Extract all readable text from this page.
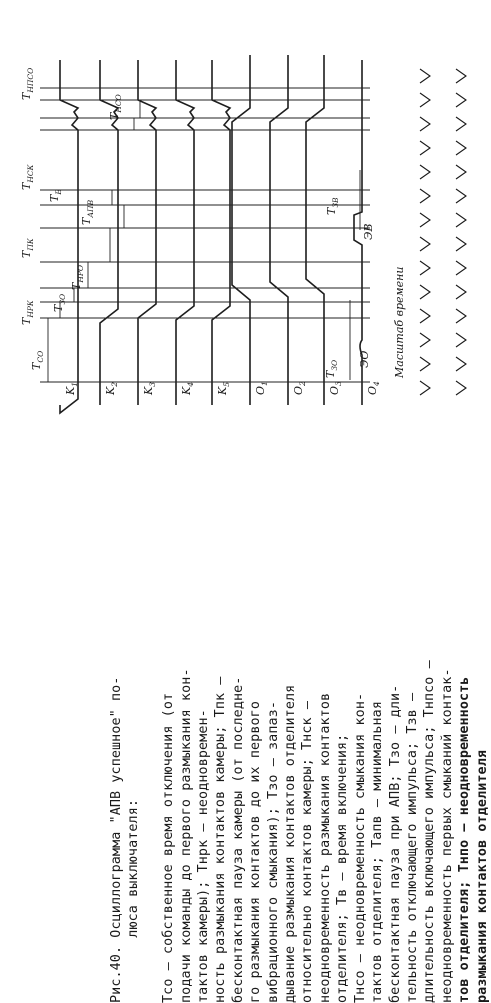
Рис.40. Осциллограмма "АПВ успешное" по- люса выключателя:
Tсо – собственное время отключения (от подачи команды до первого размыкания кон- тактов камеры); Tнрк – неодновремен- ность размыкания контактов камеры; Tпк – бесконтактная пауза камеры (от последне- го размыкания контактов до их первого вибрационного смыкания); Tзо – запаз- дывание размыкания контактов отделителя относительно контактов камеры; Tнск – неодновременность размыкания контактов отделителя; Tв – время включения; Tнсо – неодновременность смыкания кон- тактов отделителя; Tапв – минимальная бесконтактная пауза при АПВ; Tзо – дли- тельность отключающего импульса; Tзв – длительность включающего импульса; Tнпсо – неодновременность первых смыканий контак- тов отделителя; Tнпо – неодновременность размыкания контактов отделителя
$K_1$
$K_2$
$K_3$
$K_4$
$K_5$
$O_1$
$O_2$
$O_3$
$O_4$
$T_{СО}$
$T_{НРК}$ $T_{ЗО}$
$T_{НРО}$
$T_{ПК}$
$T_{АПВ}$
$T_В$
$T_{НСК}$
$T_{НСО}$
$T_{НПСО}$
$T_{ЗО}$
$T_{ЗВ}$
Масштаб времени
ЭО
ЭВ
